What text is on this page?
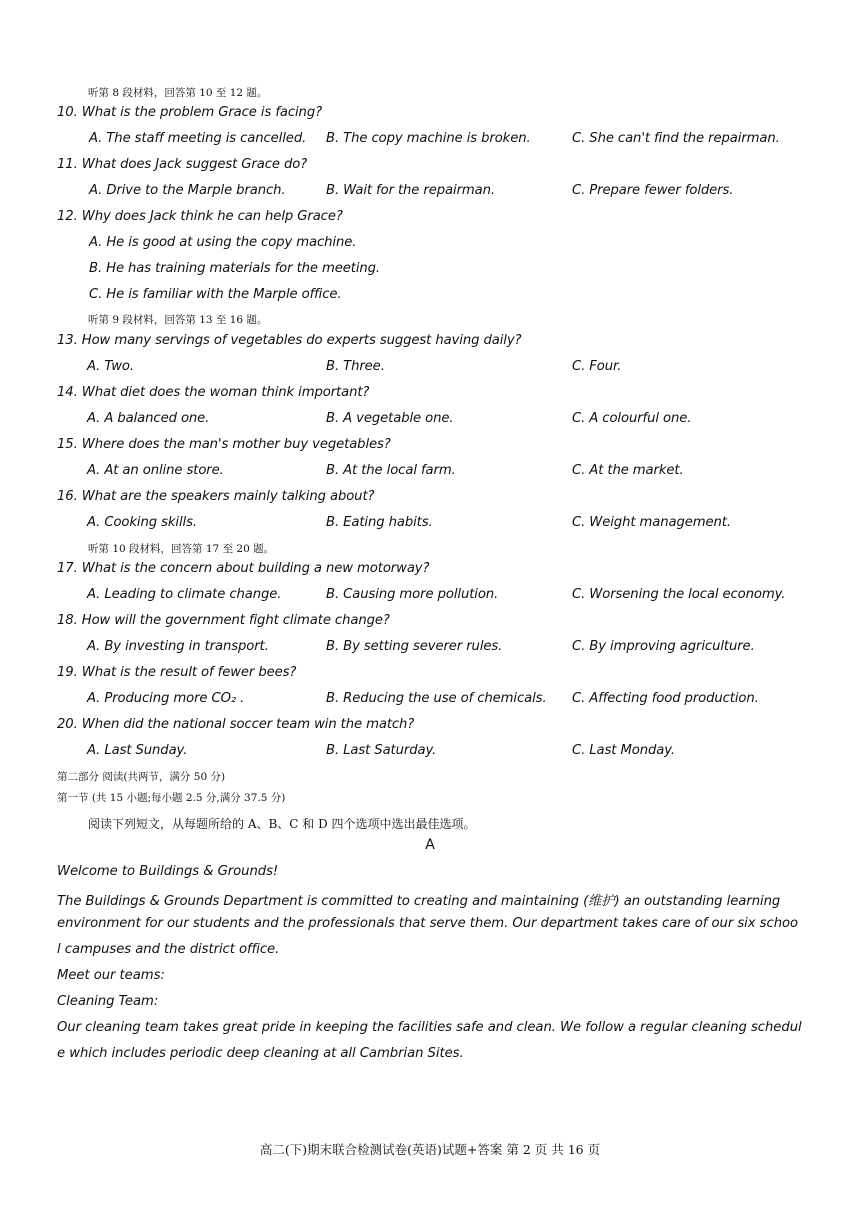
听第 8 段材料，回答第 10 至 12 题。
10. What is the problem Grace is facing?
A. The staff meeting is cancelled. B. The copy machine is broken.	C. She can't find the repairman.
11. What does Jack suggest Grace do?
A. Drive to the Marple branch.	B. Wait for the repairman.	C. Prepare fewer folders.
12. Why does Jack think he can help Grace?
A. He is good at using the copy machine.
B. He has training materials for the meeting.
C. He is familiar with the Marple office.
听第 9 段材料，回答第 13 至 16 题。
13. How many servings of vegetables do experts suggest having daily?
A. Two.	B. Three.	C. Four.
14. What diet does the woman think important?
A. A balanced one.	B. A vegetable one.	C. A colourful one.
15. Where does the man's mother buy vegetables?
A. At an online store.	B. At the local farm.	C. At the market.
16. What are the speakers mainly talking about?
A. Cooking skills.	B. Eating habits.	C. Weight management.
听第 10 段材料，回答第 17 至 20 题。
17. What is the concern about building a new motorway?
A. Leading to climate change.	B. Causing more pollution.	C. Worsening the local economy.
18. How will the government fight climate change?
A. By investing in transport.	B. By setting severer rules.	C. By improving agriculture.
19. What is the result of fewer bees?
A. Producing more CO₂ .	B. Reducing the use of chemicals. C. Affecting food production.
20. When did the national soccer team win the match?
A. Last Sunday.	B. Last Saturday.	C. Last Monday.
第二部分 阅读(共两节，满分 50 分)
第一节 (共 15 小题;每小题 2.5 分,满分 37.5 分)
阅读下列短文，从每题所给的 A、B、C 和 D 四个选项中选出最佳选项。
A
Welcome to Buildings & Grounds!
The Buildings & Grounds Department is committed to creating and maintaining (维护) an outstanding learning
environment for our students and the professionals that serve them. Our department takes care of our six schoo
l campuses and the district office.
Meet our teams:
Cleaning Team:
Our cleaning team takes great pride in keeping the facilities safe and clean. We follow a regular cleaning schedul
e which includes periodic deep cleaning at all Cambrian Sites.
高二(下)期末联合检测试卷(英语)试题+答案 第 2 页 共 16 页
